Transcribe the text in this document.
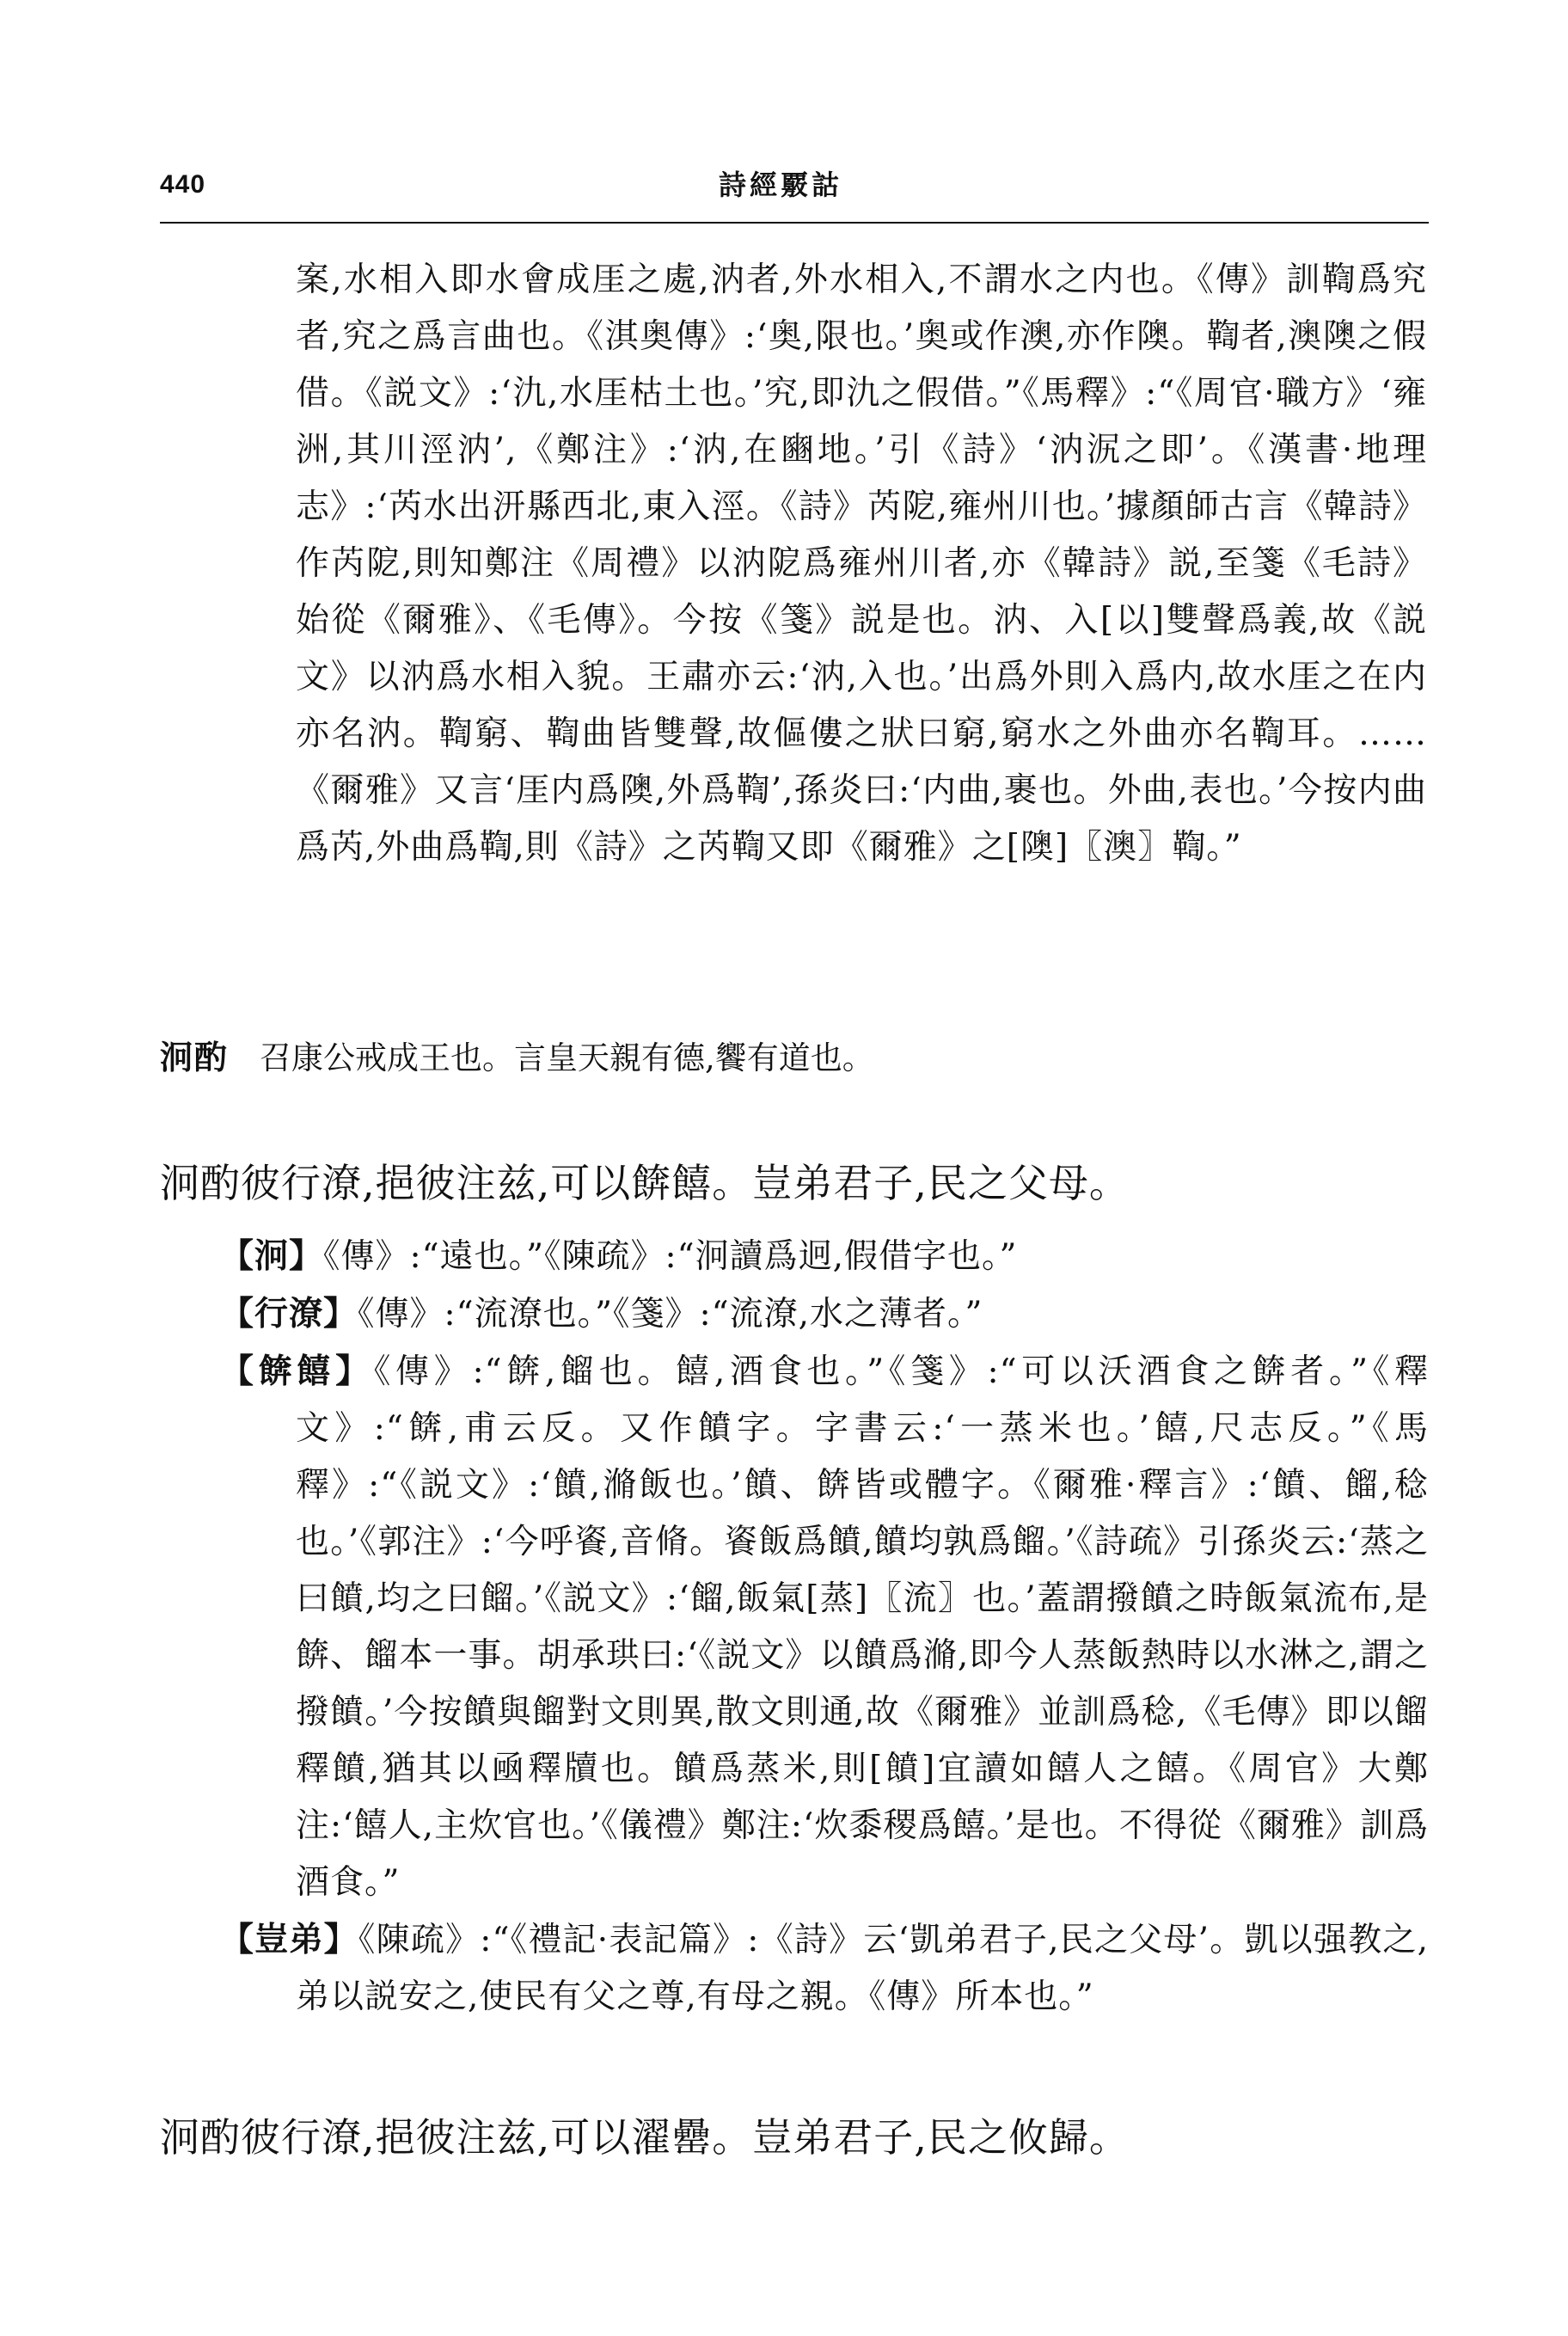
440	詩經覈詁
案,水相入即水會成厓之處,汭者,外水相入,不謂水之内也。《傳》訓鞫爲究者,究之爲言曲也。《淇奥傳》:‘奥,限也。’奥或作澳,亦作隩。鞫者,澳隩之假借。《説文》:‘氿,水厓枯土也。’究,即氿之假借。”《馬釋》:“《周官·職方》‘雍洲,其川涇汭’,《鄭注》:‘汭,在豳地。’引《詩》‘汭泦之即’。《漢書·地理志》:‘芮水出汧縣西北,東入涇。《詩》芮阸,雍州川也。’據顏師古言《韓詩》作芮阸,則知鄭注《周禮》以汭阸爲雍州川者,亦《韓詩》説,至箋《毛詩》始從《爾雅》、《毛傳》。今按《箋》説是也。汭、入[以]雙聲爲義,故《説文》以汭爲水相入貌。王肅亦云:‘汭,入也。’出爲外則入爲内,故水厓之在内亦名汭。鞫窮、鞫曲皆雙聲,故傴僂之狀曰窮,窮水之外曲亦名鞫耳。……《爾雅》又言‘厓内爲隩,外爲鞫’,孫炎曰:‘内曲,裹也。外曲,表也。’今按内曲爲芮,外曲爲鞫,則《詩》之芮鞫又即《爾雅》之[隩]〖澳〗鞫。”
泂酌 召康公戒成王也。言皇天親有德,饗有道也。
泂酌彼行潦,挹彼注兹,可以餴饎。豈弟君子,民之父母。

【泂】《傳》:“遠也。”《陳疏》:“泂讀爲迥,假借字也。”

【行潦】《傳》:“流潦也。”《箋》:“流潦,水之薄者。”

【餴饎】《傳》:“餴,餾也。饎,酒食也。”《箋》:“可以沃酒食之餴者。”《釋文》:“餴,甫云反。又作饙字。字書云:‘一蒸米也。’饎,尺志反。”《馬釋》:“《説文》:‘饙,滫飯也。’饙、餴皆或體字。《爾雅·釋言》:‘饙、餾,稔也。’《郭注》:‘今呼餈,音脩。餈飯爲饙,饙均孰爲餾。’《詩疏》引孫炎云:‘蒸之曰饙,均之曰餾。’《説文》:‘餾,飯氣[蒸]〖流〗也。’蓋謂撥饙之時飯氣流布,是餴、餾本一事。胡承珙曰:‘《説文》以饙爲滫,即今人蒸飯熱時以水淋之,謂之撥饙。’今按饙與餾對文則異,散文則通,故《爾雅》並訓爲稔,《毛傳》即以餾釋饙,猶其以凾釋牘也。饙爲蒸米,則[饙]宜讀如饎人之饎。《周官》大鄭注:‘饎人,主炊官也。’《儀禮》鄭注:‘炊黍稷爲饎。’是也。不得從《爾雅》訓爲酒食。”

【豈弟】《陳疏》:“《禮記·表記篇》:《詩》云‘凱弟君子,民之父母’。凱以强教之,弟以説安之,使民有父之尊,有母之親。《傳》所本也。”

泂酌彼行潦,挹彼注兹,可以濯罍。豈弟君子,民之攸歸。
